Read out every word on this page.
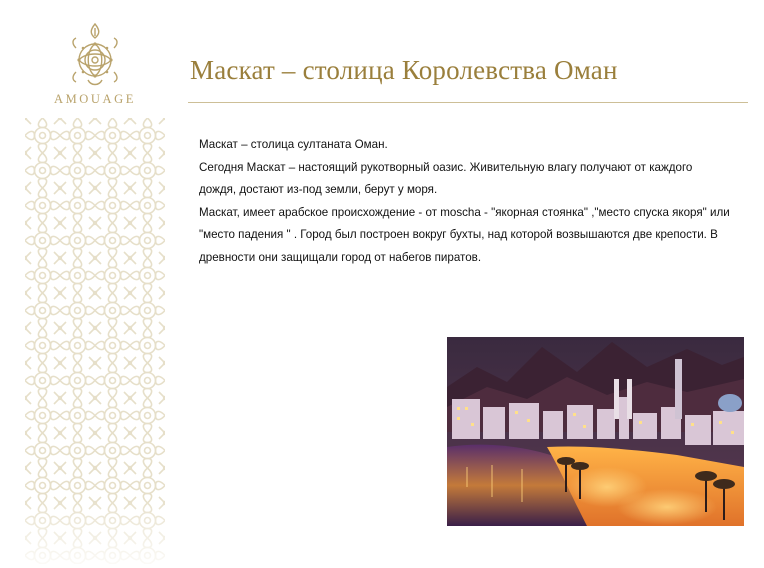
AMOUAGE
Маскат – столица Королевства Оман
Маскат – столица султаната Оман.
Сегодня Маскат – настоящий рукотворный оазис. Живительную влагу получают от каждого
дождя, достают из-под земли, берут у моря.
Маскат, имеет арабское происхождение - от moscha - "якорная стоянка" ,"место спуска якоря" или
"место падения " . Город был построен вокруг бухты, над которой возвышаются две крепости. В
древности они защищали город от набегов пиратов.
